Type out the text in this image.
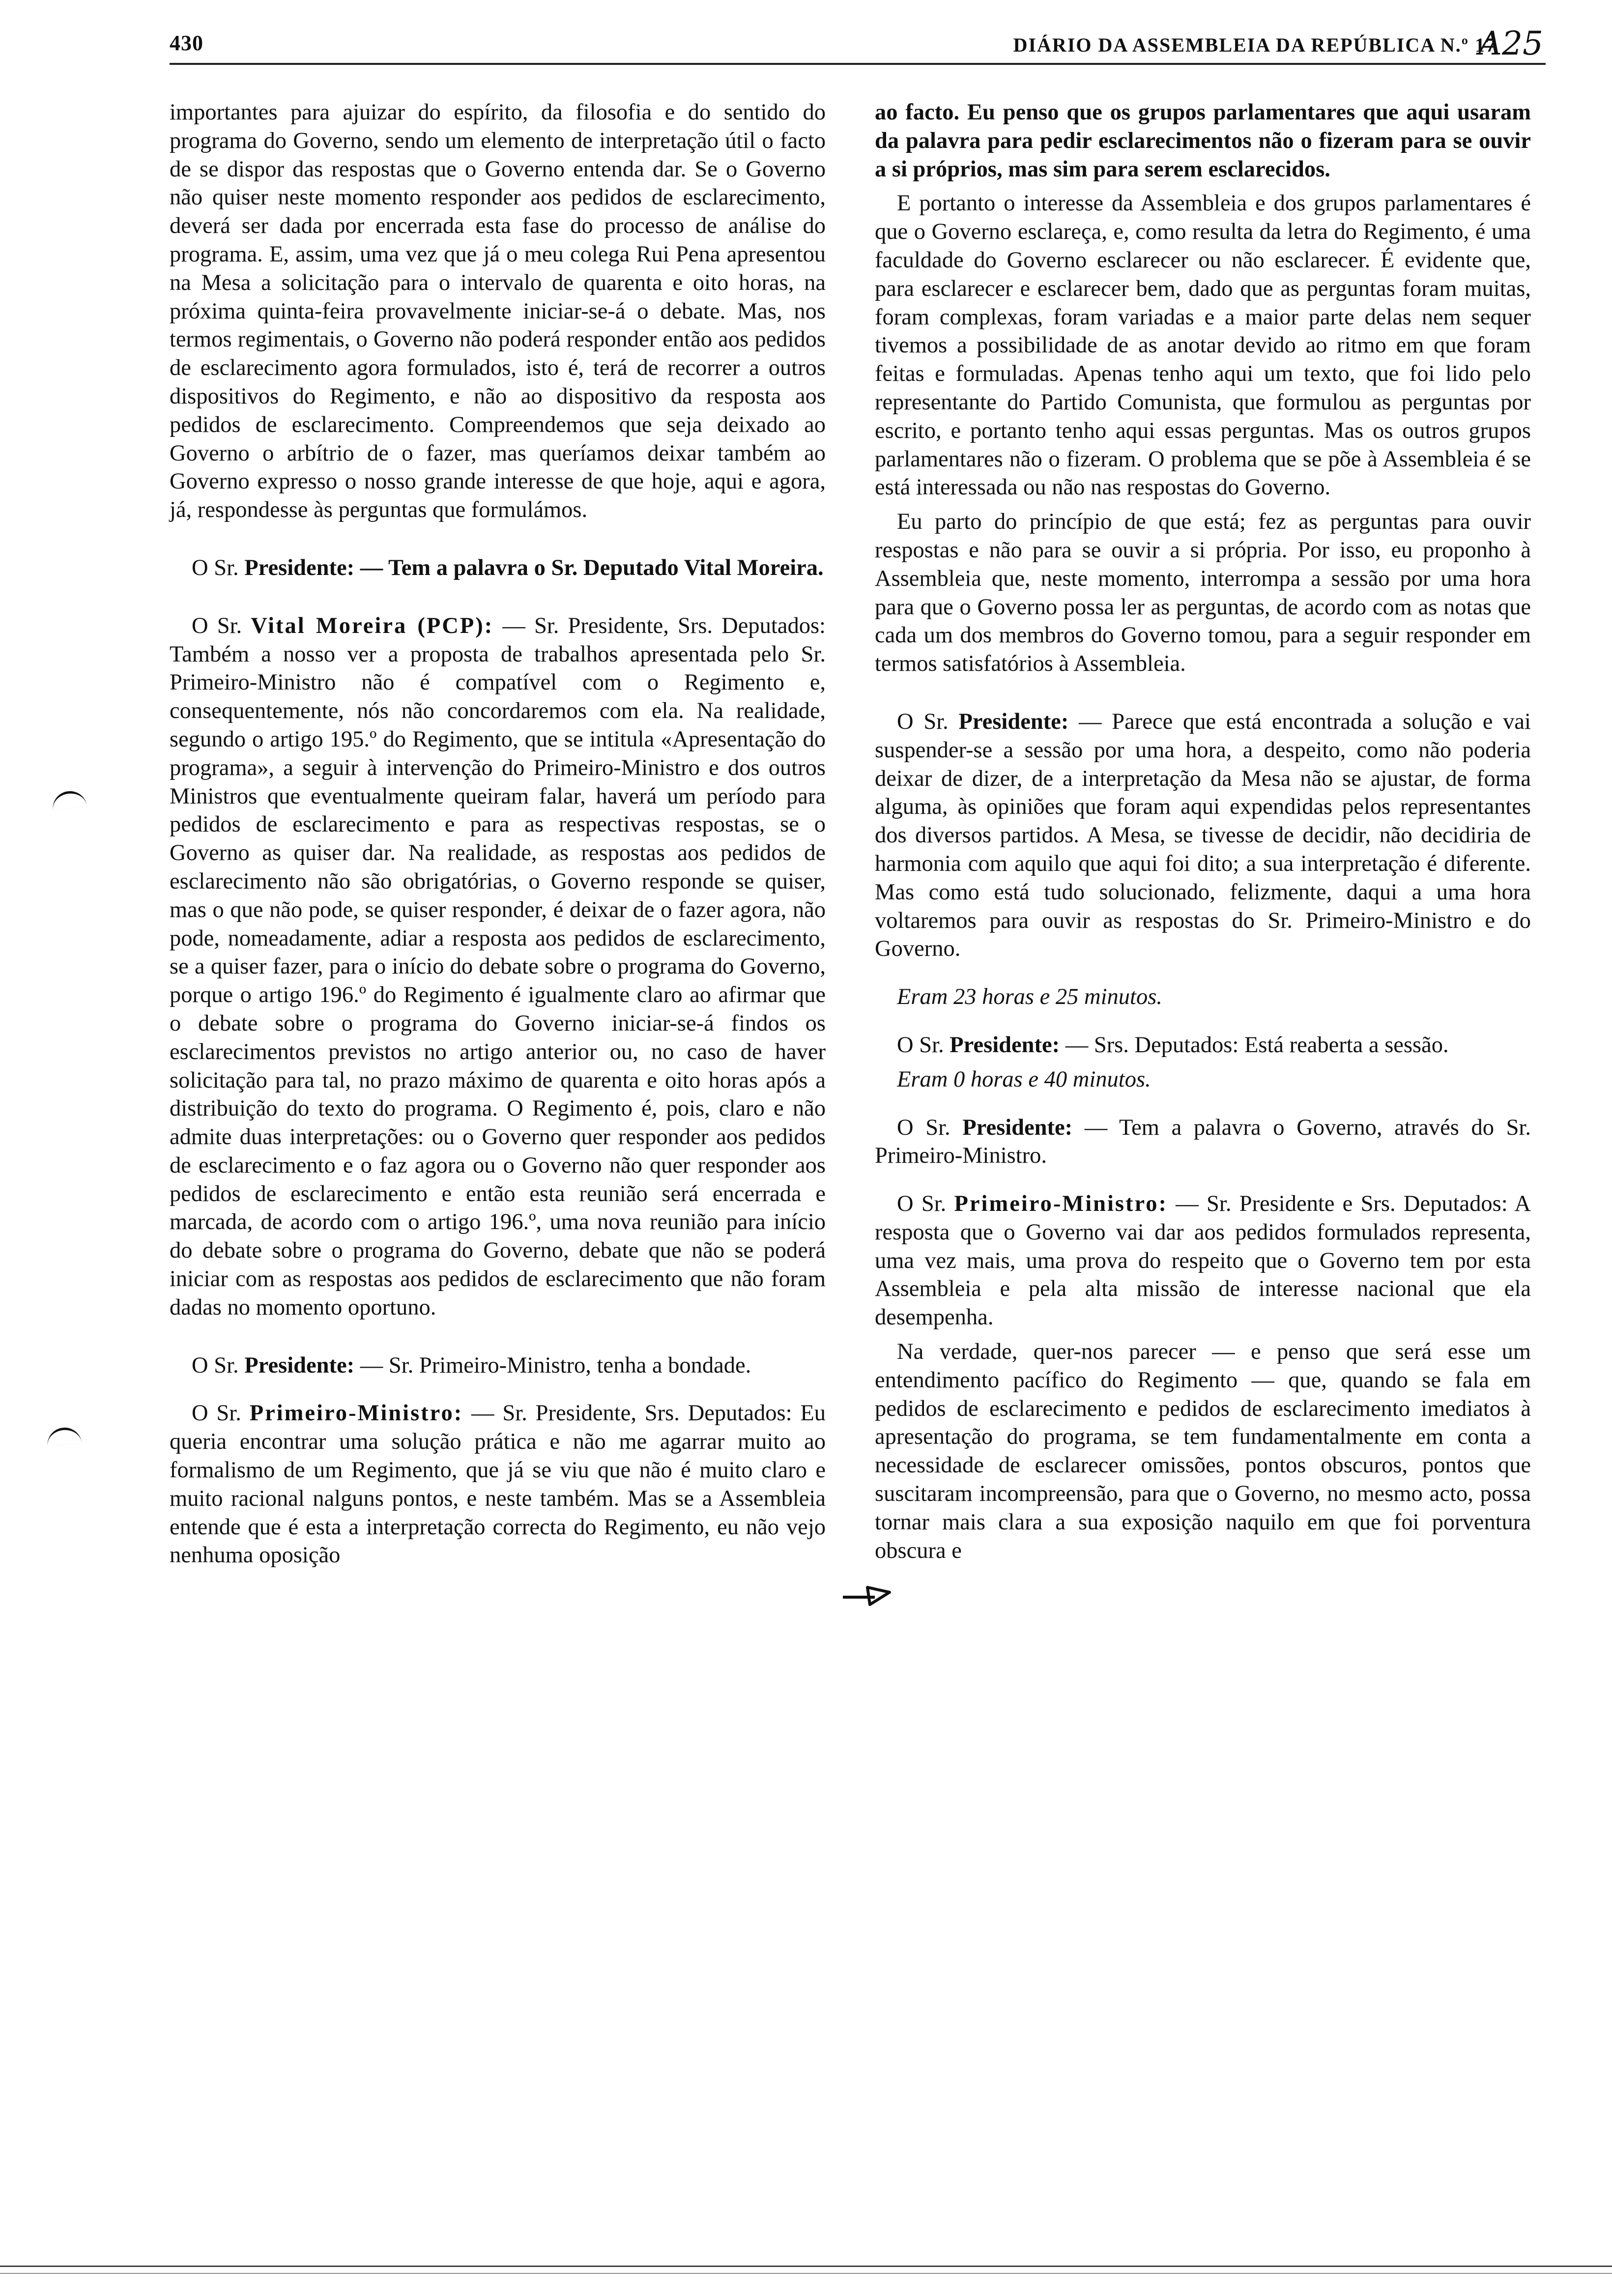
430	DIÁRIO DA ASSEMBLEIA DA REPÚBLICA N.º 17
A25

importantes para ajuizar do espírito, da filosofia e do sentido do programa do Governo, sendo um elemento de interpretação útil o facto de se dispor das respostas que o Governo entenda dar. Se o Governo não quiser neste momento responder aos pedidos de esclarecimento, deverá ser dada por encerrada esta fase do processo de análise do programa. E, assim, uma vez que já o meu colega Rui Pena apresentou na Mesa a solicitação para o intervalo de quarenta e oito horas, na próxima quinta-feira provavelmente iniciar-se-á o debate. Mas, nos termos regimentais, o Governo não poderá responder então aos pedidos de esclarecimento agora formulados, isto é, terá de recorrer a outros dispositivos do Regimento, e não ao dispositivo da resposta aos pedidos de esclarecimento. Compreendemos que seja deixado ao Governo o arbítrio de o fazer, mas queríamos deixar também ao Governo expresso o nosso grande interesse de que hoje, aqui e agora, já, respondesse às perguntas que formulámos.

O Sr. Presidente: — Tem a palavra o Sr. Deputado Vital Moreira.

O Sr. Vital Moreira (PCP): — Sr. Presidente, Srs. Deputados: Também a nosso ver a proposta de trabalhos apresentada pelo Sr. Primeiro-Ministro não é compatível com o Regimento e, consequentemente, nós não concordaremos com ela. Na realidade, segundo o artigo 195.º do Regimento, que se intitula «Apresentação do programa», a seguir à intervenção do Primeiro-Ministro e dos outros Ministros que eventualmente queiram falar, haverá um período para pedidos de esclarecimento e para as respectivas respostas, se o Governo as quiser dar. Na realidade, as respostas aos pedidos de esclarecimento não são obrigatórias, o Governo responde se quiser, mas o que não pode, se quiser responder, é deixar de o fazer agora, não pode, nomeadamente, adiar a resposta aos pedidos de esclarecimento, se a quiser fazer, para o início do debate sobre o programa do Governo, porque o artigo 196.º do Regimento é igualmente claro ao afirmar que o debate sobre o programa do Governo iniciar-se-á findos os esclarecimentos previstos no artigo anterior ou, no caso de haver solicitação para tal, no prazo máximo de quarenta e oito horas após a distribuição do texto do programa. O Regimento é, pois, claro e não admite duas interpretações: ou o Governo quer responder aos pedidos de esclarecimento e o faz agora ou o Governo não quer responder aos pedidos de esclarecimento e então esta reunião será encerrada e marcada, de acordo com o artigo 196.º, uma nova reunião para início do debate sobre o programa do Governo, debate que não se poderá iniciar com as respostas aos pedidos de esclarecimento que não foram dadas no momento oportuno.

O Sr. Presidente: — Sr. Primeiro-Ministro, tenha a bondade.

O Sr. Primeiro-Ministro: — Sr. Presidente, Srs. Deputados: Eu queria encontrar uma solução prática e não me agarrar muito ao formalismo de um Regimento, que já se viu que não é muito claro e muito racional nalguns pontos, e neste também. Mas se a Assembleia entende que é esta a interpretação correcta do Regimento, eu não vejo nenhuma oposição

ao facto. Eu penso que os grupos parlamentares que aqui usaram da palavra para pedir esclarecimentos não o fizeram para se ouvir a si próprios, mas sim para serem esclarecidos.

E portanto o interesse da Assembleia e dos grupos parlamentares é que o Governo esclareça, e, como resulta da letra do Regimento, é uma faculdade do Governo esclarecer ou não esclarecer. É evidente que, para esclarecer e esclarecer bem, dado que as perguntas foram muitas, foram complexas, foram variadas e a maior parte delas nem sequer tivemos a possibilidade de as anotar devido ao ritmo em que foram feitas e formuladas. Apenas tenho aqui um texto, que foi lido pelo representante do Partido Comunista, que formulou as perguntas por escrito, e portanto tenho aqui essas perguntas. Mas os outros grupos parlamentares não o fizeram. O problema que se põe à Assembleia é se está interessada ou não nas respostas do Governo.

Eu parto do princípio de que está; fez as perguntas para ouvir respostas e não para se ouvir a si própria. Por isso, eu proponho à Assembleia que, neste momento, interrompa a sessão por uma hora para que o Governo possa ler as perguntas, de acordo com as notas que cada um dos membros do Governo tomou, para a seguir responder em termos satisfatórios à Assembleia.

O Sr. Presidente: — Parece que está encontrada a solução e vai suspender-se a sessão por uma hora, a despeito, como não poderia deixar de dizer, de a interpretação da Mesa não se ajustar, de forma alguma, às opiniões que foram aqui expendidas pelos representantes dos diversos partidos. A Mesa, se tivesse de decidir, não decidiria de harmonia com aquilo que aqui foi dito; a sua interpretação é diferente. Mas como está tudo solucionado, felizmente, daqui a uma hora voltaremos para ouvir as respostas do Sr. Primeiro-Ministro e do Governo.

Eram 23 horas e 25 minutos.

O Sr. Presidente: — Srs. Deputados: Está reaberta a sessão.

Eram 0 horas e 40 minutos.

O Sr. Presidente: — Tem a palavra o Governo, através do Sr. Primeiro-Ministro.

O Sr. Primeiro-Ministro: — Sr. Presidente e Srs. Deputados: A resposta que o Governo vai dar aos pedidos formulados representa, uma vez mais, uma prova do respeito que o Governo tem por esta Assembleia e pela alta missão de interesse nacional que ela desempenha.

Na verdade, quer-nos parecer — e penso que será esse um entendimento pacífico do Regimento — que, quando se fala em pedidos de esclarecimento e pedidos de esclarecimento imediatos à apresentação do programa, se tem fundamentalmente em conta a necessidade de esclarecer omissões, pontos obscuros, pontos que suscitaram incompreensão, para que o Governo, no mesmo acto, possa tornar mais clara a sua exposição naquilo em que foi porventura obscura e
